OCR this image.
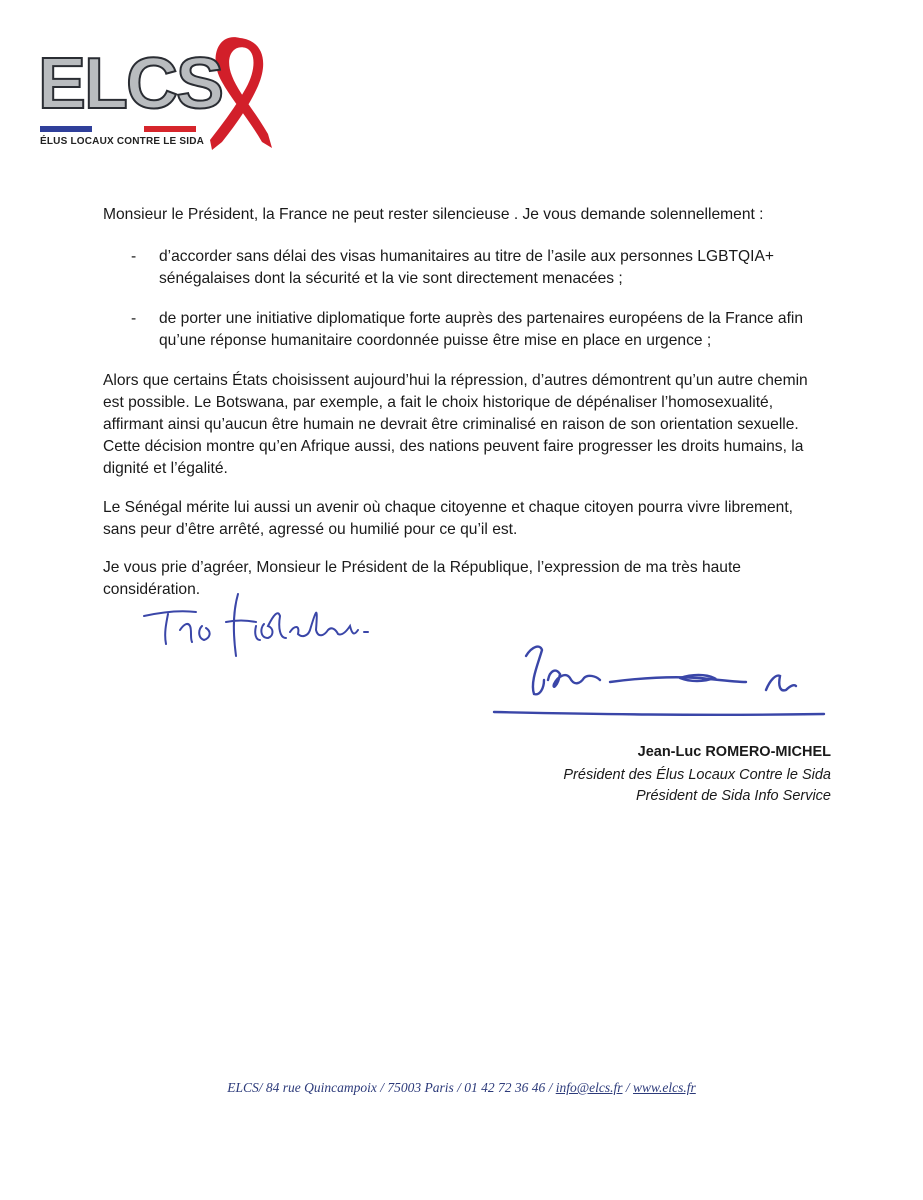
ELCS
ÉLUS LOCAUX CONTRE LE SIDA

Monsieur le Président, la France ne peut rester silencieuse . Je vous demande solennellement :

- d’accorder sans délai des visas humanitaires au titre de l’asile aux personnes LGBTQIA+

sénégalaises dont la sécurité et la vie sont directement menacées ;

- de porter une initiative diplomatique forte auprès des partenaires européens de la France afin

qu’une réponse humanitaire coordonnée puisse être mise en place en urgence ;

Alors que certains États choisissent aujourd’hui la répression, d’autres démontrent qu’un autre chemin

est possible. Le Botswana, par exemple, a fait le choix historique de dépénaliser l’homosexualité,

affirmant ainsi qu’aucun être humain ne devrait être criminalisé en raison de son orientation sexuelle.

Cette décision montre qu’en Afrique aussi, des nations peuvent faire progresser les droits humains, la

dignité et l’égalité.

Le Sénégal mérite lui aussi un avenir où chaque citoyenne et chaque citoyen pourra vivre librement,

sans peur d’être arrêté, agressé ou humilié pour ce qu’il est.

Je vous prie d’agréer, Monsieur le Président de la République, l’expression de ma très haute considération.

Jean-Luc ROMERO-MICHEL
Président des Élus Locaux Contre le Sida
Président de Sida Info Service
ELCS/ 84 rue Quincampoix / 75003 Paris / 01 42 72 36 46 / info@elcs.fr / www.elcs.fr
